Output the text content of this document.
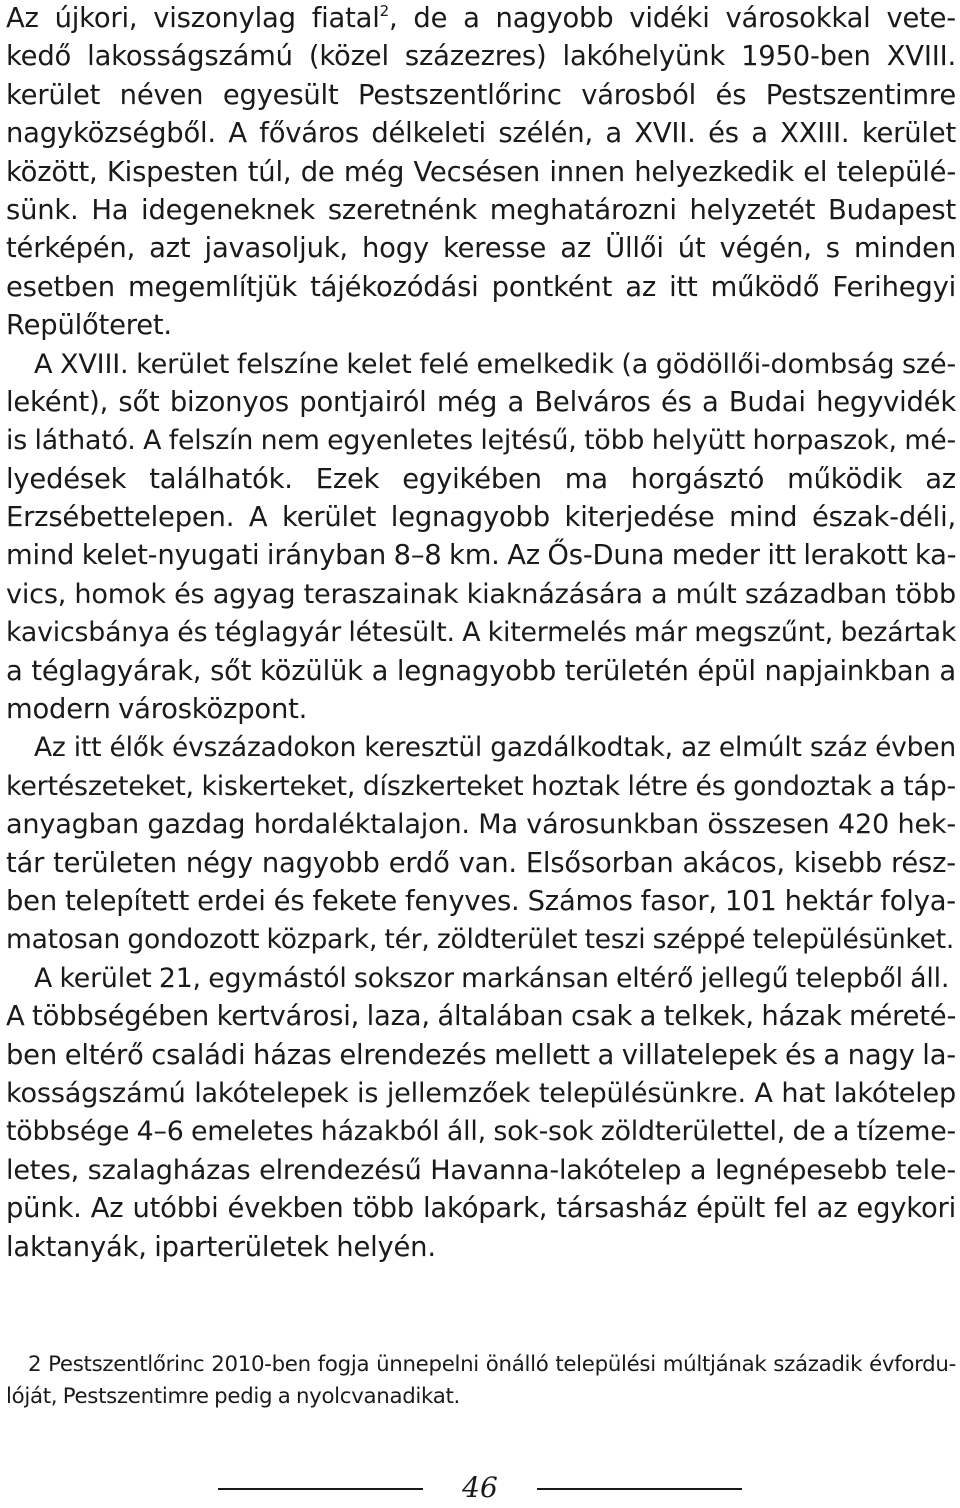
Az újkori, viszonylag fiatal$^2$, de a nagyobb vidéki városokkal vete-
kedő lakosságszámú (közel százezres) lakóhelyünk 1950-ben XVIII.
kerület néven egyesült Pestszentlőrinc városból és Pestszentimre
nagyközségből. A főváros délkeleti szélén, a XVII. és a XXIII. kerület
között, Kispesten túl, de még Vecsésen innen helyezkedik el települé-
sünk. Ha idegeneknek szeretnénk meghatározni helyzetét Budapest
térképén, azt javasoljuk, hogy keresse az Üllői út végén, s minden
esetben megemlítjük tájékozódási pontként az itt működő Ferihegyi
Repülőteret.
A XVIII. kerület felszíne kelet felé emelkedik (a gödöllői-dombság szé-
leként), sőt bizonyos pontjairól még a Belváros és a Budai hegyvidék
is látható. A felszín nem egyenletes lejtésű, több helyütt horpaszok, mé-
lyedések találhatók. Ezek egyikében ma horgásztó működik az
Erzsébettelepen. A kerület legnagyobb kiterjedése mind észak-déli,
mind kelet-nyugati irányban 8–8 km. Az Ős-Duna meder itt lerakott ka-
vics, homok és agyag teraszainak kiaknázására a múlt században több
kavicsbánya és téglagyár létesült. A kitermelés már megszűnt, bezártak
a téglagyárak, sőt közülük a legnagyobb területén épül napjainkban a
modern városközpont.
Az itt élők évszázadokon keresztül gazdálkodtak, az elmúlt száz évben
kertészeteket, kiskerteket, díszkerteket hoztak létre és gondoztak a táp-
anyagban gazdag hordaléktalajon. Ma városunkban összesen 420 hek-
tár területen négy nagyobb erdő van. Elsősorban akácos, kisebb rész-
ben telepített erdei és fekete fenyves. Számos fasor, 101 hektár folya-
matosan gondozott közpark, tér, zöldterület teszi széppé településünket.
A kerület 21, egymástól sokszor markánsan eltérő jellegű telepből áll.
A többségében kertvárosi, laza, általában csak a telkek, házak méreté-
ben eltérő családi házas elrendezés mellett a villatelepek és a nagy la-
kosságszámú lakótelepek is jellemzőek településünkre. A hat lakótelep
többsége 4–6 emeletes házakból áll, sok-sok zöldterülettel, de a tízeme-
letes, szalagházas elrendezésű Havanna-lakótelep a legnépesebb tele-
pünk. Az utóbbi években több lakópark, társasház épült fel az egykori
laktanyák, iparterületek helyén.
2 Pestszentlőrinc 2010-ben fogja ünnepelni önálló települési múltjának századik évfordu-
lóját, Pestszentimre pedig a nyolcvanadikat.
46
